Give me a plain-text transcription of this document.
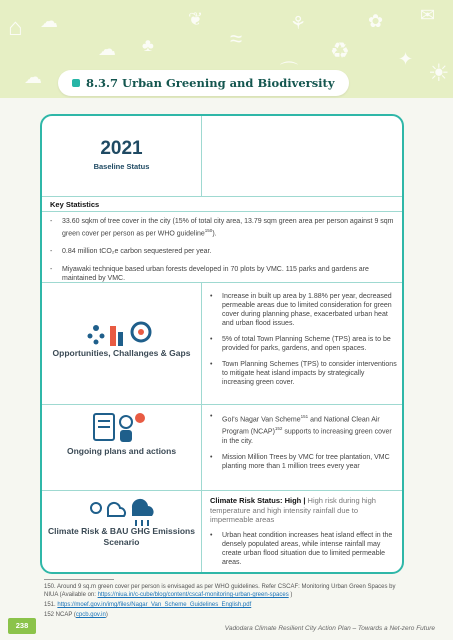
⌂ ☁
☁ ♣
❦
≈
⚘
♻
✿ ✉
☀
☁
✦
8.3.7 Urban Greening and Biodiversity
2021
Baseline Status
Key Statistics
- 33.60 sqkm of tree cover in the city (15% of total city area, 13.79 sqm green area per person against 9 sqm green cover per person as per WHO guideline$^{150}$).
- 0.84 million tCO₂e carbon sequestered per year.
- Miyawaki technique based urban forests developed in 70 plots by VMC. 115 parks and gardens are maintained by VMC.
Opportunities, Challanges & Gaps
• Increase in built up area by 1.88% per year, decreased permeable areas due to limited consideration for green cover during planning phase, exacerbated urban heat and urban flood issues.
• 5% of total Town Planning Scheme (TPS) area is to be provided for parks, gardens, and open spaces.
• Town Planning Schemes (TPS) to consider interventions to mitigate heat island impacts by strategically increasing green cover.
Ongoing plans and actions
• GoI's Nagar Van Scheme$^{151}$ and National Clean Air Program (NCAP)$^{152}$ supports to increasing green cover in the city.
• Mission Million Trees by VMC for tree plantation, VMC planting more than 1 million trees every year
Climate Risk & BAU GHG Emissions Scenario
Climate Risk Status: High | High risk during high temperature and high intensity rainfall due to impermeable areas
• Urban heat condition increases heat island effect in the densely populated areas, while intense rainfall may create urban flood situation due to limited permeable areas.
150. Around 9 sq.m green cover per person is envisaged as per WHO guidelines. Refer CSCAF: Monitoring Urban Green Spaces by NIUA (Available on: https://niua.in/c-cube/blog/content/cscaf-monitoring-urban-green-spaces )
151. https://moef.gov.in/img/files/Nagar_Van_Scheme_Guidelines_English.pdf
152 NCAP (cpcb.gov.in)
238	Vadodara Climate Resilient City Action Plan – Towards a Net-zero Future
